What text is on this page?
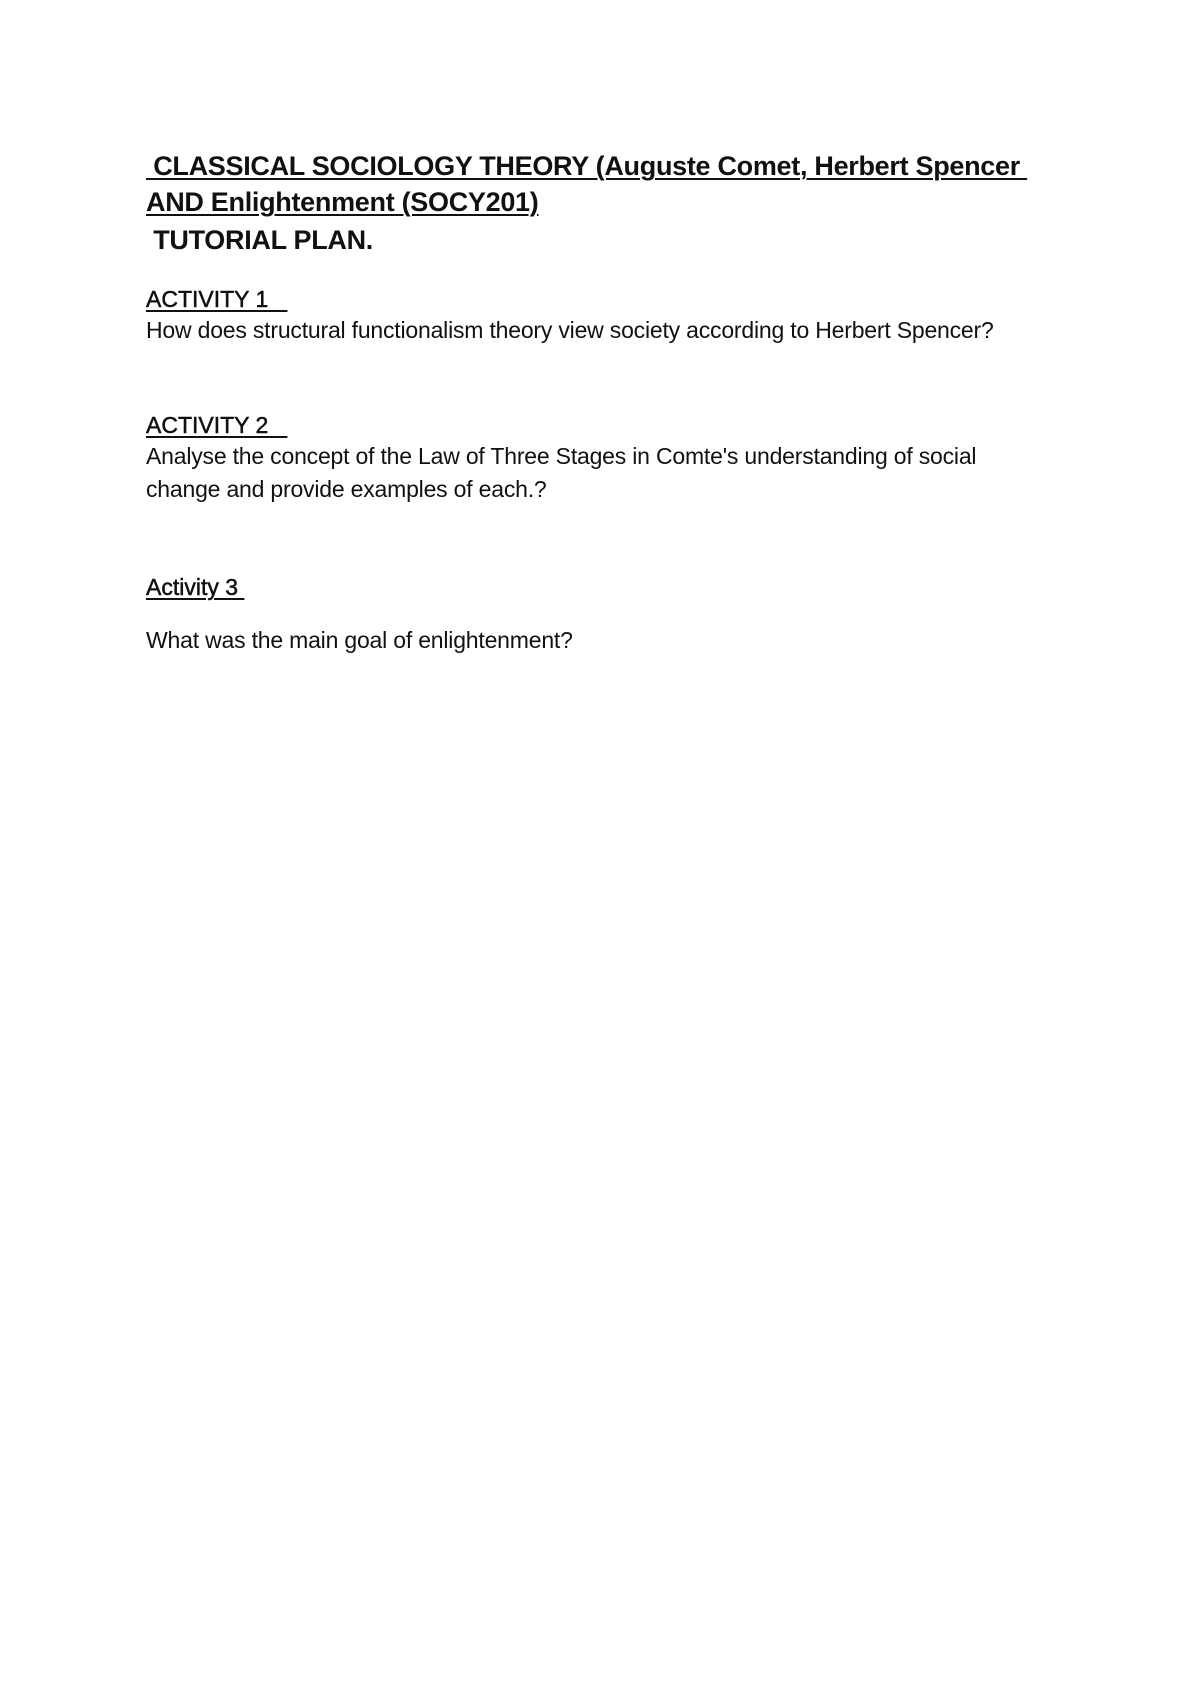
CLASSICAL SOCIOLOGY THEORY (Auguste Comet, Herbert Spencer
AND Enlightenment (SOCY201)
TUTORIAL PLAN.
ACTIVITY 1
How does structural functionalism theory view society according to Herbert Spencer?
ACTIVITY 2
Analyse the concept of the Law of Three Stages in Comte's understanding of social change and provide examples of each.?
Activity 3
What was the main goal of enlightenment?
